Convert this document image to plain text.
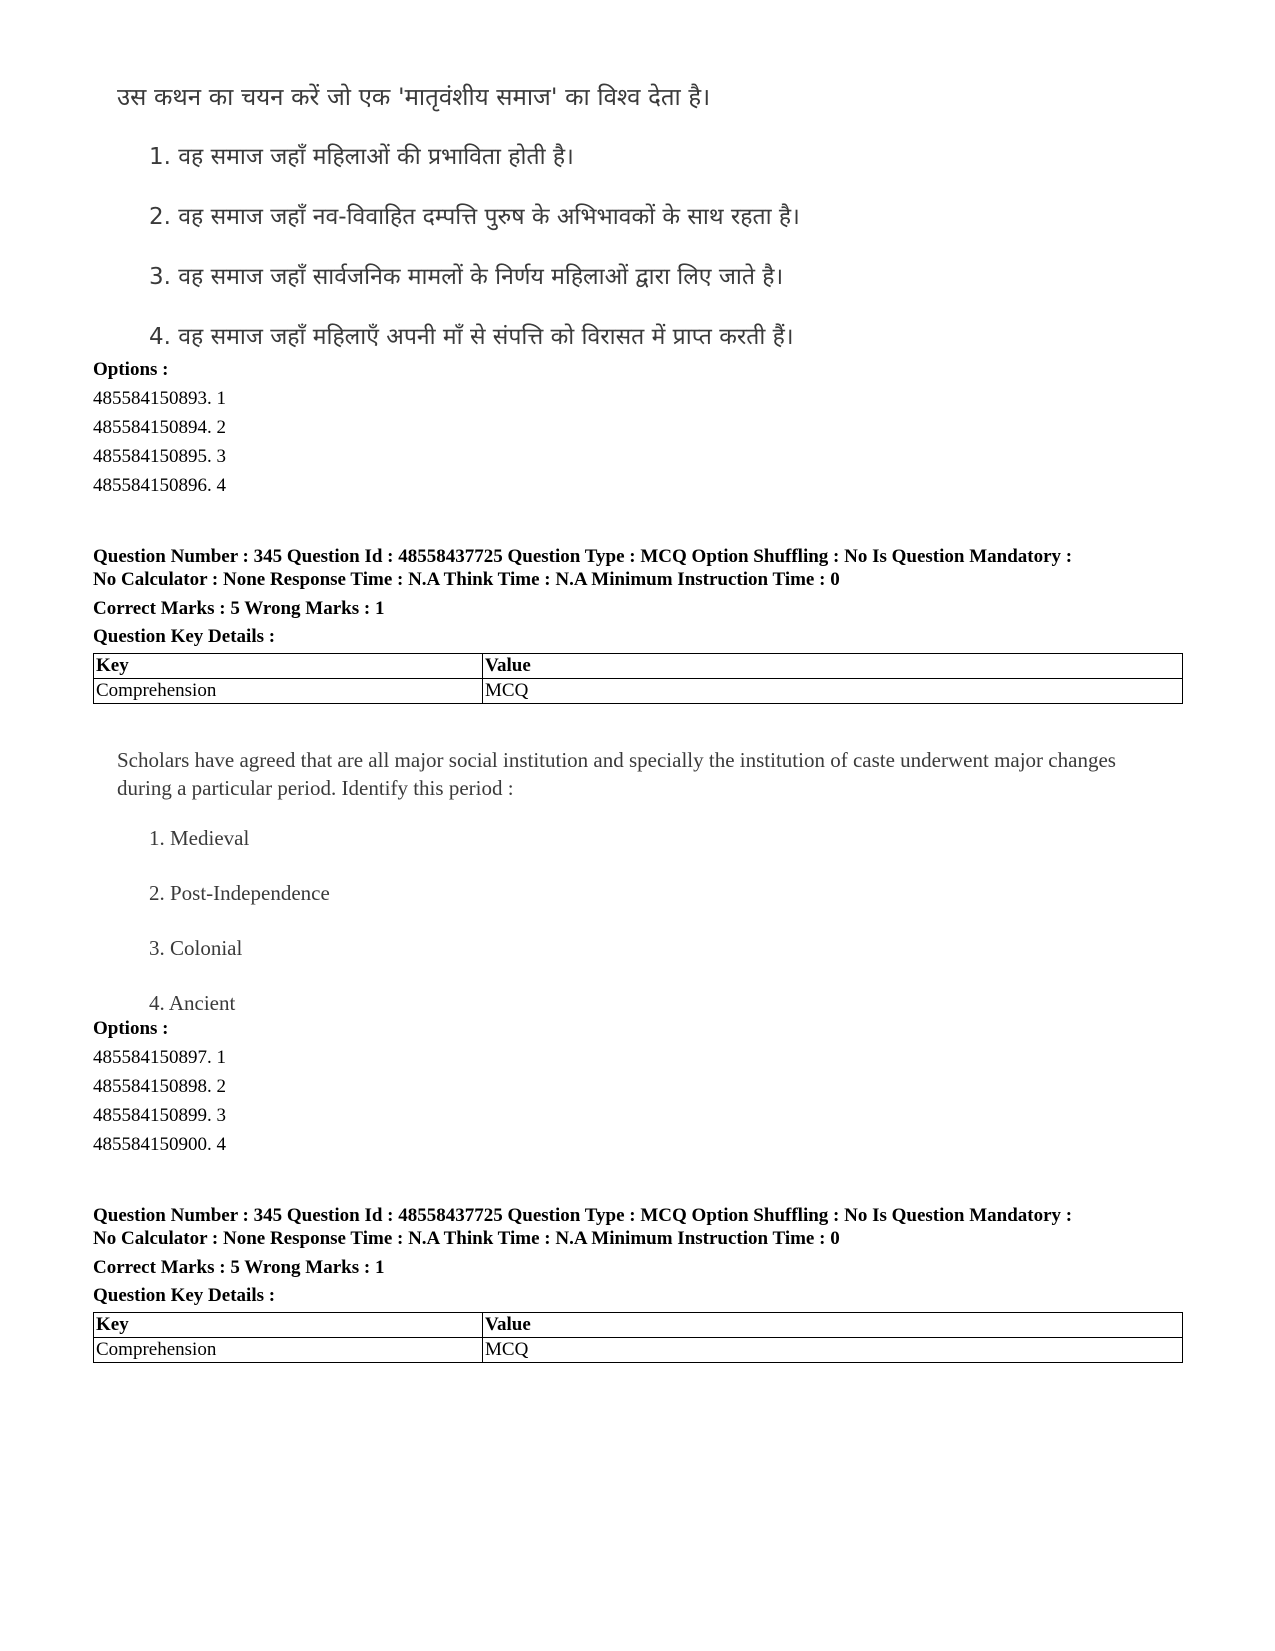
उस कथन का चयन करें जो एक 'मातृवंशीय समाज' का विश्व देता है।
1. वह समाज जहाँ महिलाओं की प्रभाविता होती है।
2. वह समाज जहाँ नव-विवाहित दम्पत्ति पुरुष के अभिभावकों के साथ रहता है।
3. वह समाज जहाँ सार्वजनिक मामलों के निर्णय महिलाओं द्वारा लिए जाते है।
4. वह समाज जहाँ महिलाएँ अपनी माँ से संपत्ति को विरासत में प्राप्त करती हैं।
Options :
485584150893. 1
485584150894. 2
485584150895. 3
485584150896. 4
Question Number : 345 Question Id : 48558437725 Question Type : MCQ Option Shuffling : No Is Question Mandatory :
No Calculator : None Response Time : N.A Think Time : N.A Minimum Instruction Time : 0
Correct Marks : 5 Wrong Marks : 1
Question Key Details :
Key	Value
Comprehension	MCQ
Scholars have agreed that are all major social institution and specially the institution of caste underwent major changes during a particular period. Identify this period :
1. Medieval
2. Post-Independence
3. Colonial
4. Ancient
Options :
485584150897. 1
485584150898. 2
485584150899. 3
485584150900. 4
Question Number : 345 Question Id : 48558437725 Question Type : MCQ Option Shuffling : No Is Question Mandatory :
No Calculator : None Response Time : N.A Think Time : N.A Minimum Instruction Time : 0
Correct Marks : 5 Wrong Marks : 1
Question Key Details :
Key	Value
Comprehension	MCQ
